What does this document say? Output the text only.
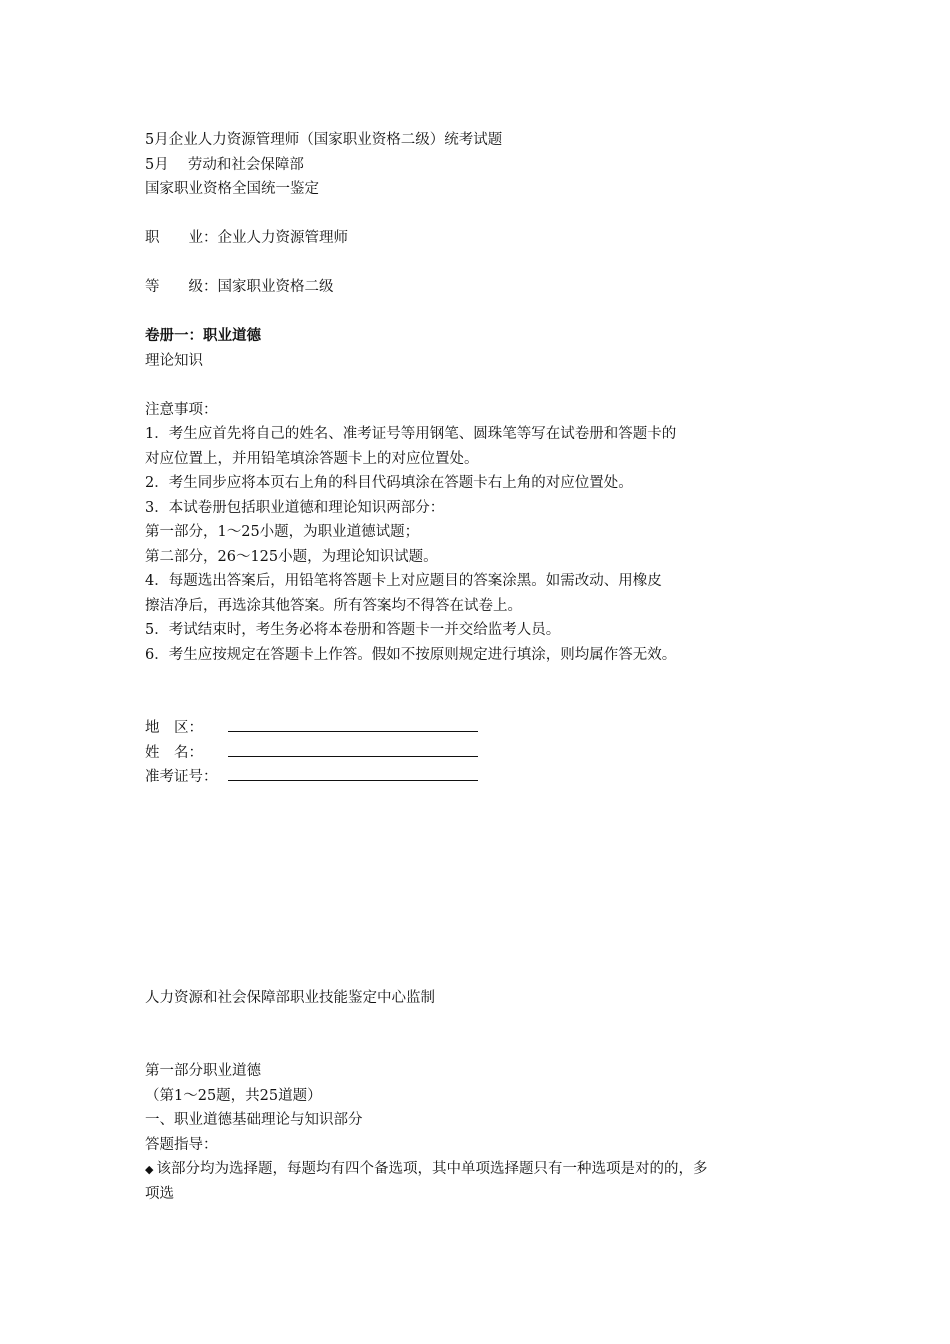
5月企业人力资源管理师（国家职业资格二级）统考试题
5月　 劳动和社会保障部
国家职业资格全国统一鉴定
职　　业：企业人力资源管理师
等　　级：国家职业资格二级
卷册一：职业道德
理论知识
注意事项：
1．考生应首先将自己的姓名、准考证号等用钢笔、圆珠笔等写在试卷册和答题卡的
对应位置上，并用铅笔填涂答题卡上的对应位置处。
2．考生同步应将本页右上角的科目代码填涂在答题卡右上角的对应位置处。
3．本试卷册包括职业道德和理论知识两部分：
第一部分，1～25小题，为职业道德试题；
第二部分，26～125小题，为理论知识试题。
4．每题选出答案后，用铅笔将答题卡上对应题目的答案涂黑。如需改动、用橡皮
擦洁净后，再选涂其他答案。所有答案均不得答在试卷上。
5．考试结束时，考生务必将本卷册和答题卡一并交给监考人员。
6．考生应按规定在答题卡上作答。假如不按原则规定进行填涂，则均属作答无效。
地　区：
姓　名：
准考证号：
人力资源和社会保障部职业技能鉴定中心监制
第一部分职业道德
（第1～25题，共25道题）
一、职业道德基础理论与知识部分
答题指导：
◆ 该部分均为选择题，每题均有四个备选项，其中单项选择题只有一种选项是对的的，多
项选
